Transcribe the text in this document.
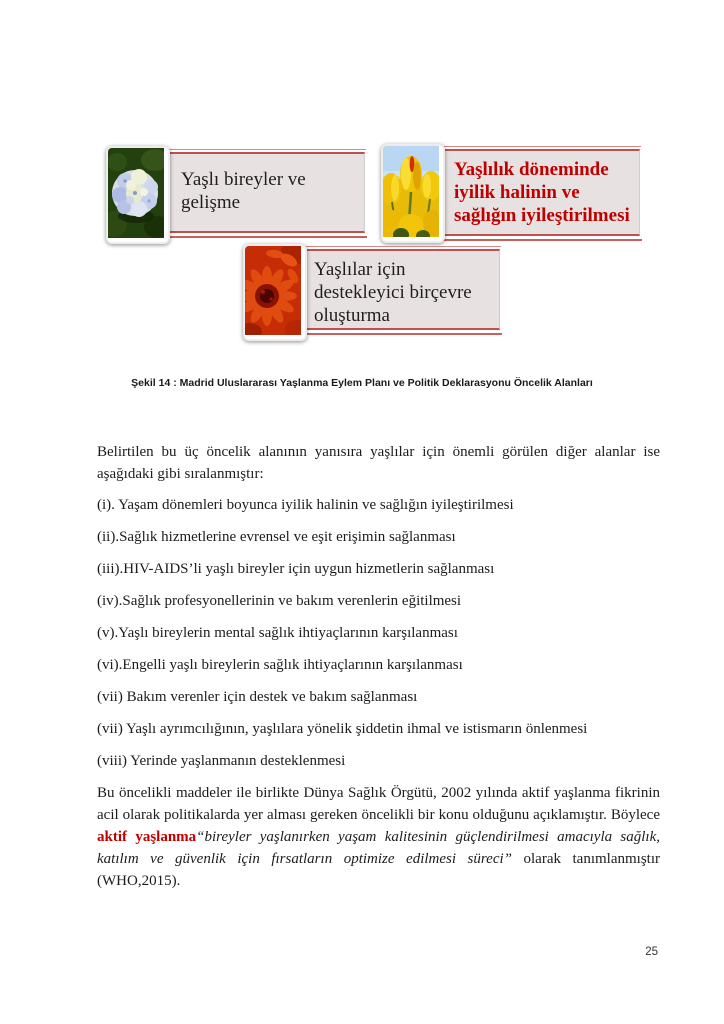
Yaşlı bireyler ve gelişme
Yaşlılık döneminde iyilik halinin ve sağlığın iyileştirilmesi
Yaşlılar için destekleyici birçevre oluşturma
Şekil 14 : Madrid Uluslararası Yaşlanma Eylem Planı ve Politik Deklarasyonu Öncelik Alanları

Belirtilen bu üç öncelik alanının yanısıra yaşlılar için önemli görülen diğer alanlar ise aşağıdaki gibi sıralanmıştır:

(i). Yaşam dönemleri boyunca iyilik halinin ve sağlığın iyileştirilmesi

(ii).Sağlık hizmetlerine evrensel ve eşit erişimin sağlanması

(iii).HIV-AIDS’li yaşlı bireyler için uygun hizmetlerin sağlanması

(iv).Sağlık profesyonellerinin ve bakım verenlerin eğitilmesi

(v).Yaşlı bireylerin mental sağlık ihtiyaçlarının karşılanması

(vi).Engelli yaşlı bireylerin sağlık ihtiyaçlarının karşılanması

(vii) Bakım verenler için destek ve bakım sağlanması

(vii) Yaşlı ayrımcılığının, yaşlılara yönelik şiddetin ihmal ve istismarın önlenmesi

(viii) Yerinde yaşlanmanın desteklenmesi

Bu öncelikli maddeler ile birlikte Dünya Sağlık Örgütü, 2002 yılında aktif yaşlanma fikrinin acil olarak politikalarda yer alması gereken öncelikli bir konu olduğunu açıklamıştır. Böylece aktif yaşlanma“bireyler yaşlanırken yaşam kalitesinin güçlendirilmesi amacıyla sağlık, katılım ve güvenlik için fırsatların optimize edilmesi süreci” olarak tanımlanmıştır (WHO,2015).

25
